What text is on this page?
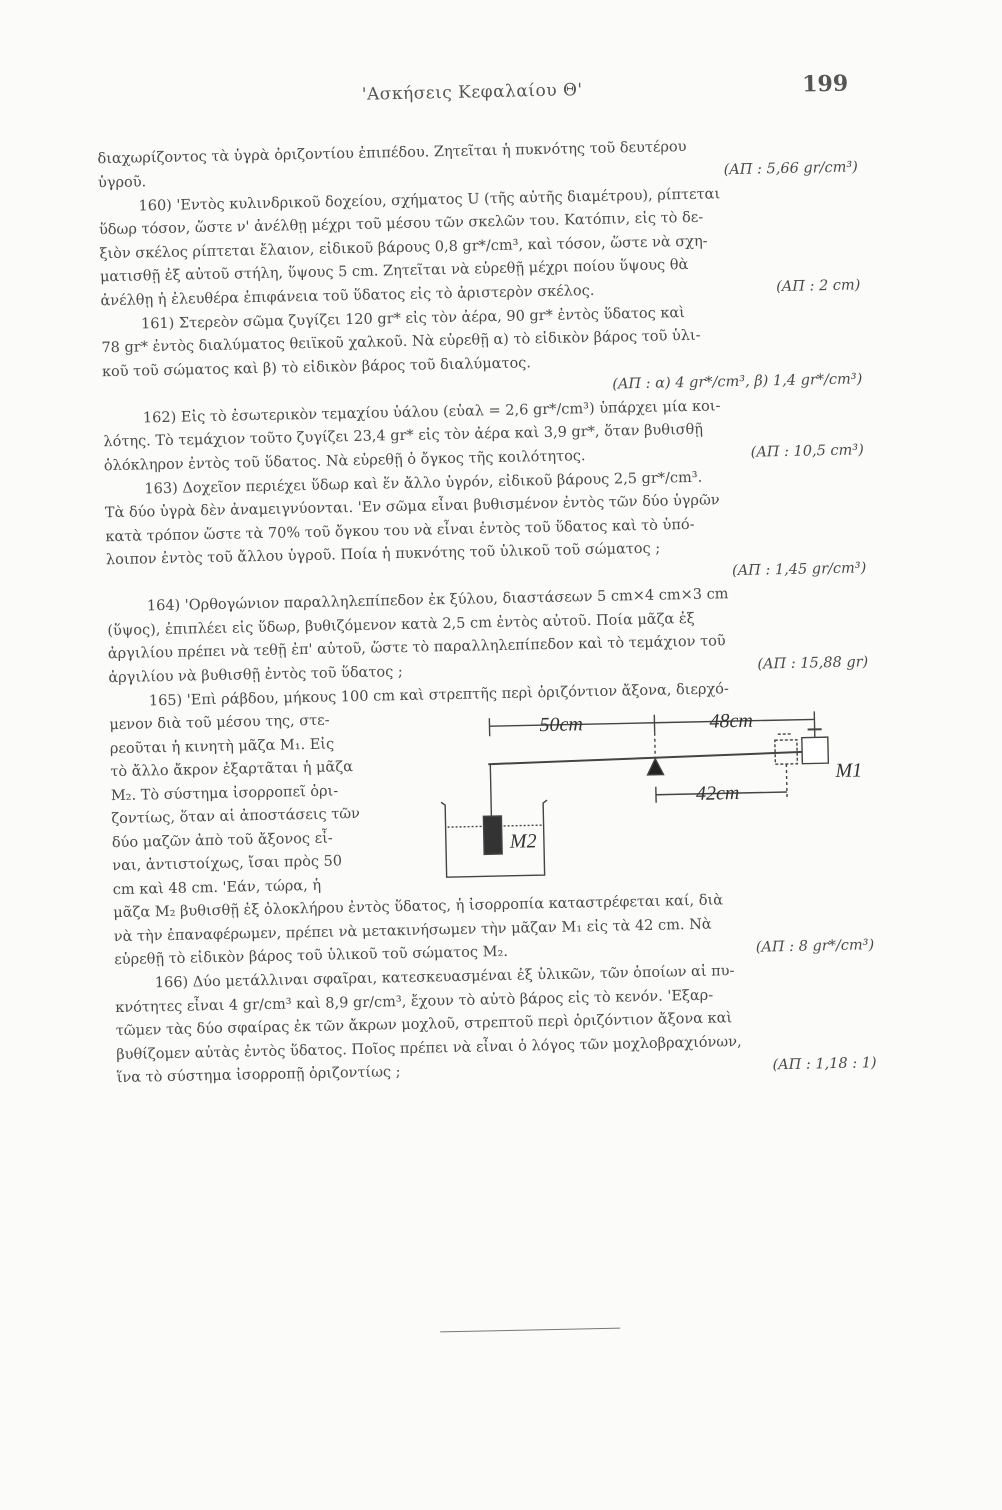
'Ασκήσεις Κεφαλαίου Θ'	199
διαχωρίζοντος τὰ ὑγρὰ ὁριζοντίου ἐπιπέδου. Ζητεῖται ἡ πυκνότης τοῦ δευτέρου
ὑγροῦ.
(ΑΠ : 5,66 gr/cm³)
160) 'Εντὸς κυλινδρικοῦ δοχείου, σχήματος U (τῆς αὐτῆς διαμέτρου), ρίπτεται
ὕδωρ τόσον, ὥστε ν' ἀνέλθῃ μέχρι τοῦ μέσου τῶν σκελῶν του. Κατόπιν, εἰς τὸ δε-
ξιὸν σκέλος ρίπτεται ἔλαιον, εἰδικοῦ βάρους 0,8 gr*/cm³, καὶ τόσον, ὥστε νὰ σχη-
ματισθῇ ἐξ αὐτοῦ στήλη, ὕψους 5 cm. Ζητεῖται νὰ εὑρεθῇ μέχρι ποίου ὕψους θὰ
ἀνέλθῃ ἡ ἐλευθέρα ἐπιφάνεια τοῦ ὕδατος εἰς τὸ ἀριστερὸν σκέλος.	(ΑΠ : 2 cm)
161) Στερεὸν σῶμα ζυγίζει 120 gr* εἰς τὸν ἀέρα, 90 gr* ἐντὸς ὕδατος καὶ
78 gr* ἐντὸς διαλύματος θειϊκοῦ χαλκοῦ. Νὰ εὑρεθῇ α) τὸ εἰδικὸν βάρος τοῦ ὑλι-
κοῦ τοῦ σώματος καὶ β) τὸ εἰδικὸν βάρος τοῦ διαλύματος.
(ΑΠ : α) 4 gr*/cm³, β) 1,4 gr*/cm³)
162) Εἰς τὸ ἐσωτερικὸν τεμαχίου ὑάλου (εὑαλ = 2,6 gr*/cm³) ὑπάρχει μία κοι-
λότης. Τὸ τεμάχιον τοῦτο ζυγίζει 23,4 gr* εἰς τὸν ἀέρα καὶ 3,9 gr*, ὅταν βυθισθῇ
ὁλόκληρον ἐντὸς τοῦ ὕδατος. Νὰ εὑρεθῇ ὁ ὄγκος τῆς κοιλότητος.	(ΑΠ : 10,5 cm³)
163) Δοχεῖον περιέχει ὕδωρ καὶ ἕν ἄλλο ὑγρόν, εἰδικοῦ βάρους 2,5 gr*/cm³.
Τὰ δύο ὑγρὰ δὲν ἀναμειγνύονται. 'Εν σῶμα εἶναι βυθισμένον ἐντὸς τῶν δύο ὑγρῶν
κατὰ τρόπον ὥστε τὰ 70% τοῦ ὄγκου του νὰ εἶναι ἐντὸς τοῦ ὕδατος καὶ τὸ ὑπό-
λοιπον ἐντὸς τοῦ ἄλλου ὑγροῦ. Ποία ἡ πυκνότης τοῦ ὑλικοῦ τοῦ σώματος ;
(ΑΠ : 1,45 gr/cm³)
164) 'Ορθογώνιον παραλληλεπίπεδον ἐκ ξύλου, διαστάσεων 5 cm×4 cm×3 cm
(ὕψος), ἐπιπλέει εἰς ὕδωρ, βυθιζόμενον κατὰ 2,5 cm ἐντὸς αὐτοῦ. Ποία μᾶζα ἐξ
ἀργιλίου πρέπει νὰ τεθῇ ἐπ' αὐτοῦ, ὥστε τὸ παραλληλεπίπεδον καὶ τὸ τεμάχιον τοῦ
ἀργιλίου νὰ βυθισθῇ ἐντὸς τοῦ ὕδατος ;
(ΑΠ : 15,88 gr)
165) 'Επὶ ράβδου, μήκους 100 cm καὶ στρεπτῆς περὶ ὁριζόντιον ἄξονα, διερχό-
μενον διὰ τοῦ μέσου της, στε-
ρεοῦται ἡ κινητὴ μᾶζα M₁. Εἰς
τὸ ἄλλο ἄκρον ἐξαρτᾶται ἡ μᾶζα
M₂. Τὸ σύστημα ἰσορροπεῖ ὁρι-
ζοντίως, ὅταν αἱ ἀποστάσεις τῶν
δύο μαζῶν ἀπὸ τοῦ ἄξονος εἶ-
ναι, ἀντιστοίχως, ἴσαι πρὸς 50
cm καὶ 48 cm. 'Εάν, τώρα, ἡ
50cm	48cm
42cm
M1
M2
μᾶζα M₂ βυθισθῇ ἐξ ὁλοκλήρου ἐντὸς ὕδατος, ἡ ἰσορροπία καταστρέφεται καί, διὰ
νὰ τὴν ἐπαναφέρωμεν, πρέπει νὰ μετακινήσωμεν τὴν μᾶζαν M₁ εἰς τὰ 42 cm. Νὰ
εὑρεθῇ τὸ εἰδικὸν βάρος τοῦ ὑλικοῦ τοῦ σώματος M₂.	(ΑΠ : 8 gr*/cm³)
166) Δύο μετάλλιναι σφαῖραι, κατεσκευασμέναι ἐξ ὑλικῶν, τῶν ὁποίων αἱ πυ-
κνότητες εἶναι 4 gr/cm³ καὶ 8,9 gr/cm³, ἔχουν τὸ αὐτὸ βάρος εἰς τὸ κενόν. 'Εξαρ-
τῶμεν τὰς δύο σφαίρας ἐκ τῶν ἄκρων μοχλοῦ, στρεπτοῦ περὶ ὁριζόντιον ἄξονα καὶ
βυθίζομεν αὐτὰς ἐντὸς ὕδατος. Ποῖος πρέπει νὰ εἶναι ὁ λόγος τῶν μοχλοβραχιόνων,
ἵνα τὸ σύστημα ἰσορροπῇ ὁριζοντίως ;
(ΑΠ : 1,18 : 1)
